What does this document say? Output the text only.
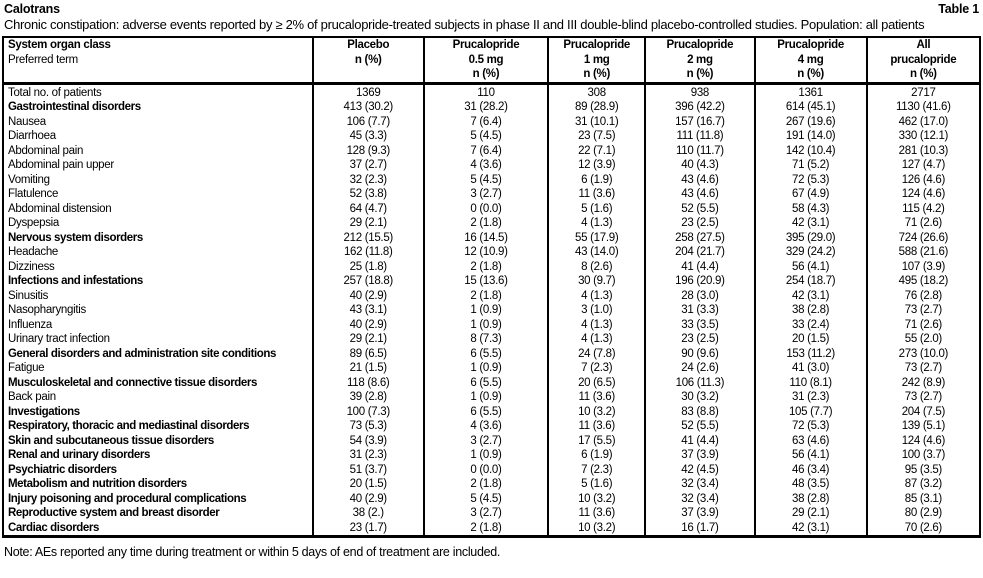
Calotrans	Table 1
Chronic constipation: adverse events reported by ≥ 2% of prucalopride-treated subjects in phase II and III double-blind placebo-controlled studies. Population: all patients
System organ class
Preferred term

Placebo
n (%)

Prucalopride
0.5 mg
n (%)

Prucalopride
1 mg
n (%)

Prucalopride
2 mg
n (%)

Prucalopride
4 mg
n (%)

All
prucalopride
n (%)

Total no. of patients	1369	110	308	938	1361	2717
Gastrointestinal disorders	413 (30.2)	31 (28.2)	89 (28.9)	396 (42.2)	614 (45.1)	1130 (41.6)
Nausea	106 (7.7)	7 (6.4)	31 (10.1)	157 (16.7)	267 (19.6)	462 (17.0)
Diarrhoea	45 (3.3)	5 (4.5)	23 (7.5)	111 (11.8)	191 (14.0)	330 (12.1)
Abdominal pain	128 (9.3)	7 (6.4)	22 (7.1)	110 (11.7)	142 (10.4)	281 (10.3)
Abdominal pain upper	37 (2.7)	4 (3.6)	12 (3.9)	40 (4.3)	71 (5.2)	127 (4.7)
Vomiting	32 (2.3)	5 (4.5)	6 (1.9)	43 (4.6)	72 (5.3)	126 (4.6)
Flatulence	52 (3.8)	3 (2.7)	11 (3.6)	43 (4.6)	67 (4.9)	124 (4.6)
Abdominal distension	64 (4.7)	0 (0.0)	5 (1.6)	52 (5.5)	58 (4.3)	115 (4.2)
Dyspepsia	29 (2.1)	2 (1.8)	4 (1.3)	23 (2.5)	42 (3.1)	71 (2.6)
Nervous system disorders	212 (15.5)	16 (14.5)	55 (17.9)	258 (27.5)	395 (29.0)	724 (26.6)
Headache	162 (11.8)	12 (10.9)	43 (14.0)	204 (21.7)	329 (24.2)	588 (21.6)
Dizziness	25 (1.8)	2 (1.8)	8 (2.6)	41 (4.4)	56 (4.1)	107 (3.9)
Infections and infestations	257 (18.8)	15 (13.6)	30 (9.7)	196 (20.9)	254 (18.7)	495 (18.2)
Sinusitis	40 (2.9)	2 (1.8)	4 (1.3)	28 (3.0)	42 (3.1)	76 (2.8)
Nasopharyngitis	43 (3.1)	1 (0.9)	3 (1.0)	31 (3.3)	38 (2.8)	73 (2.7)
Influenza	40 (2.9)	1 (0.9)	4 (1.3)	33 (3.5)	33 (2.4)	71 (2.6)
Urinary tract infection	29 (2.1)	8 (7.3)	4 (1.3)	23 (2.5)	20 (1.5)	55 (2.0)
General disorders and administration site conditions	89 (6.5)	6 (5.5)	24 (7.8)	90 (9.6)	153 (11.2)	273 (10.0)
Fatigue	21 (1.5)	1 (0.9)	7 (2.3)	24 (2.6)	41 (3.0)	73 (2.7)
Musculoskeletal and connective tissue disorders	118 (8.6)	6 (5.5)	20 (6.5)	106 (11.3)	110 (8.1)	242 (8.9)
Back pain	39 (2.8)	1 (0.9)	11 (3.6)	30 (3.2)	31 (2.3)	73 (2.7)
Investigations	100 (7.3)	6 (5.5)	10 (3.2)	83 (8.8)	105 (7.7)	204 (7.5)
Respiratory, thoracic and mediastinal disorders	73 (5.3)	4 (3.6)	11 (3.6)	52 (5.5)	72 (5.3)	139 (5.1)
Skin and subcutaneous tissue disorders	54 (3.9)	3 (2.7)	17 (5.5)	41 (4.4)	63 (4.6)	124 (4.6)
Renal and urinary disorders	31 (2.3)	1 (0.9)	6 (1.9)	37 (3.9)	56 (4.1)	100 (3.7)
Psychiatric disorders	51 (3.7)	0 (0.0)	7 (2.3)	42 (4.5)	46 (3.4)	95 (3.5)
Metabolism and nutrition disorders	20 (1.5)	2 (1.8)	5 (1.6)	32 (3.4)	48 (3.5)	87 (3.2)
Injury poisoning and procedural complications	40 (2.9)	5 (4.5)	10 (3.2)	32 (3.4)	38 (2.8)	85 (3.1)
Reproductive system and breast disorder	38 (2.)	3 (2.7)	11 (3.6)	37 (3.9)	29 (2.1)	80 (2.9)
Cardiac disorders	23 (1.7)	2 (1.8)	10 (3.2)	16 (1.7)	42 (3.1)	70 (2.6)
Note: AEs reported any time during treatment or within 5 days of end of treatment are included.
